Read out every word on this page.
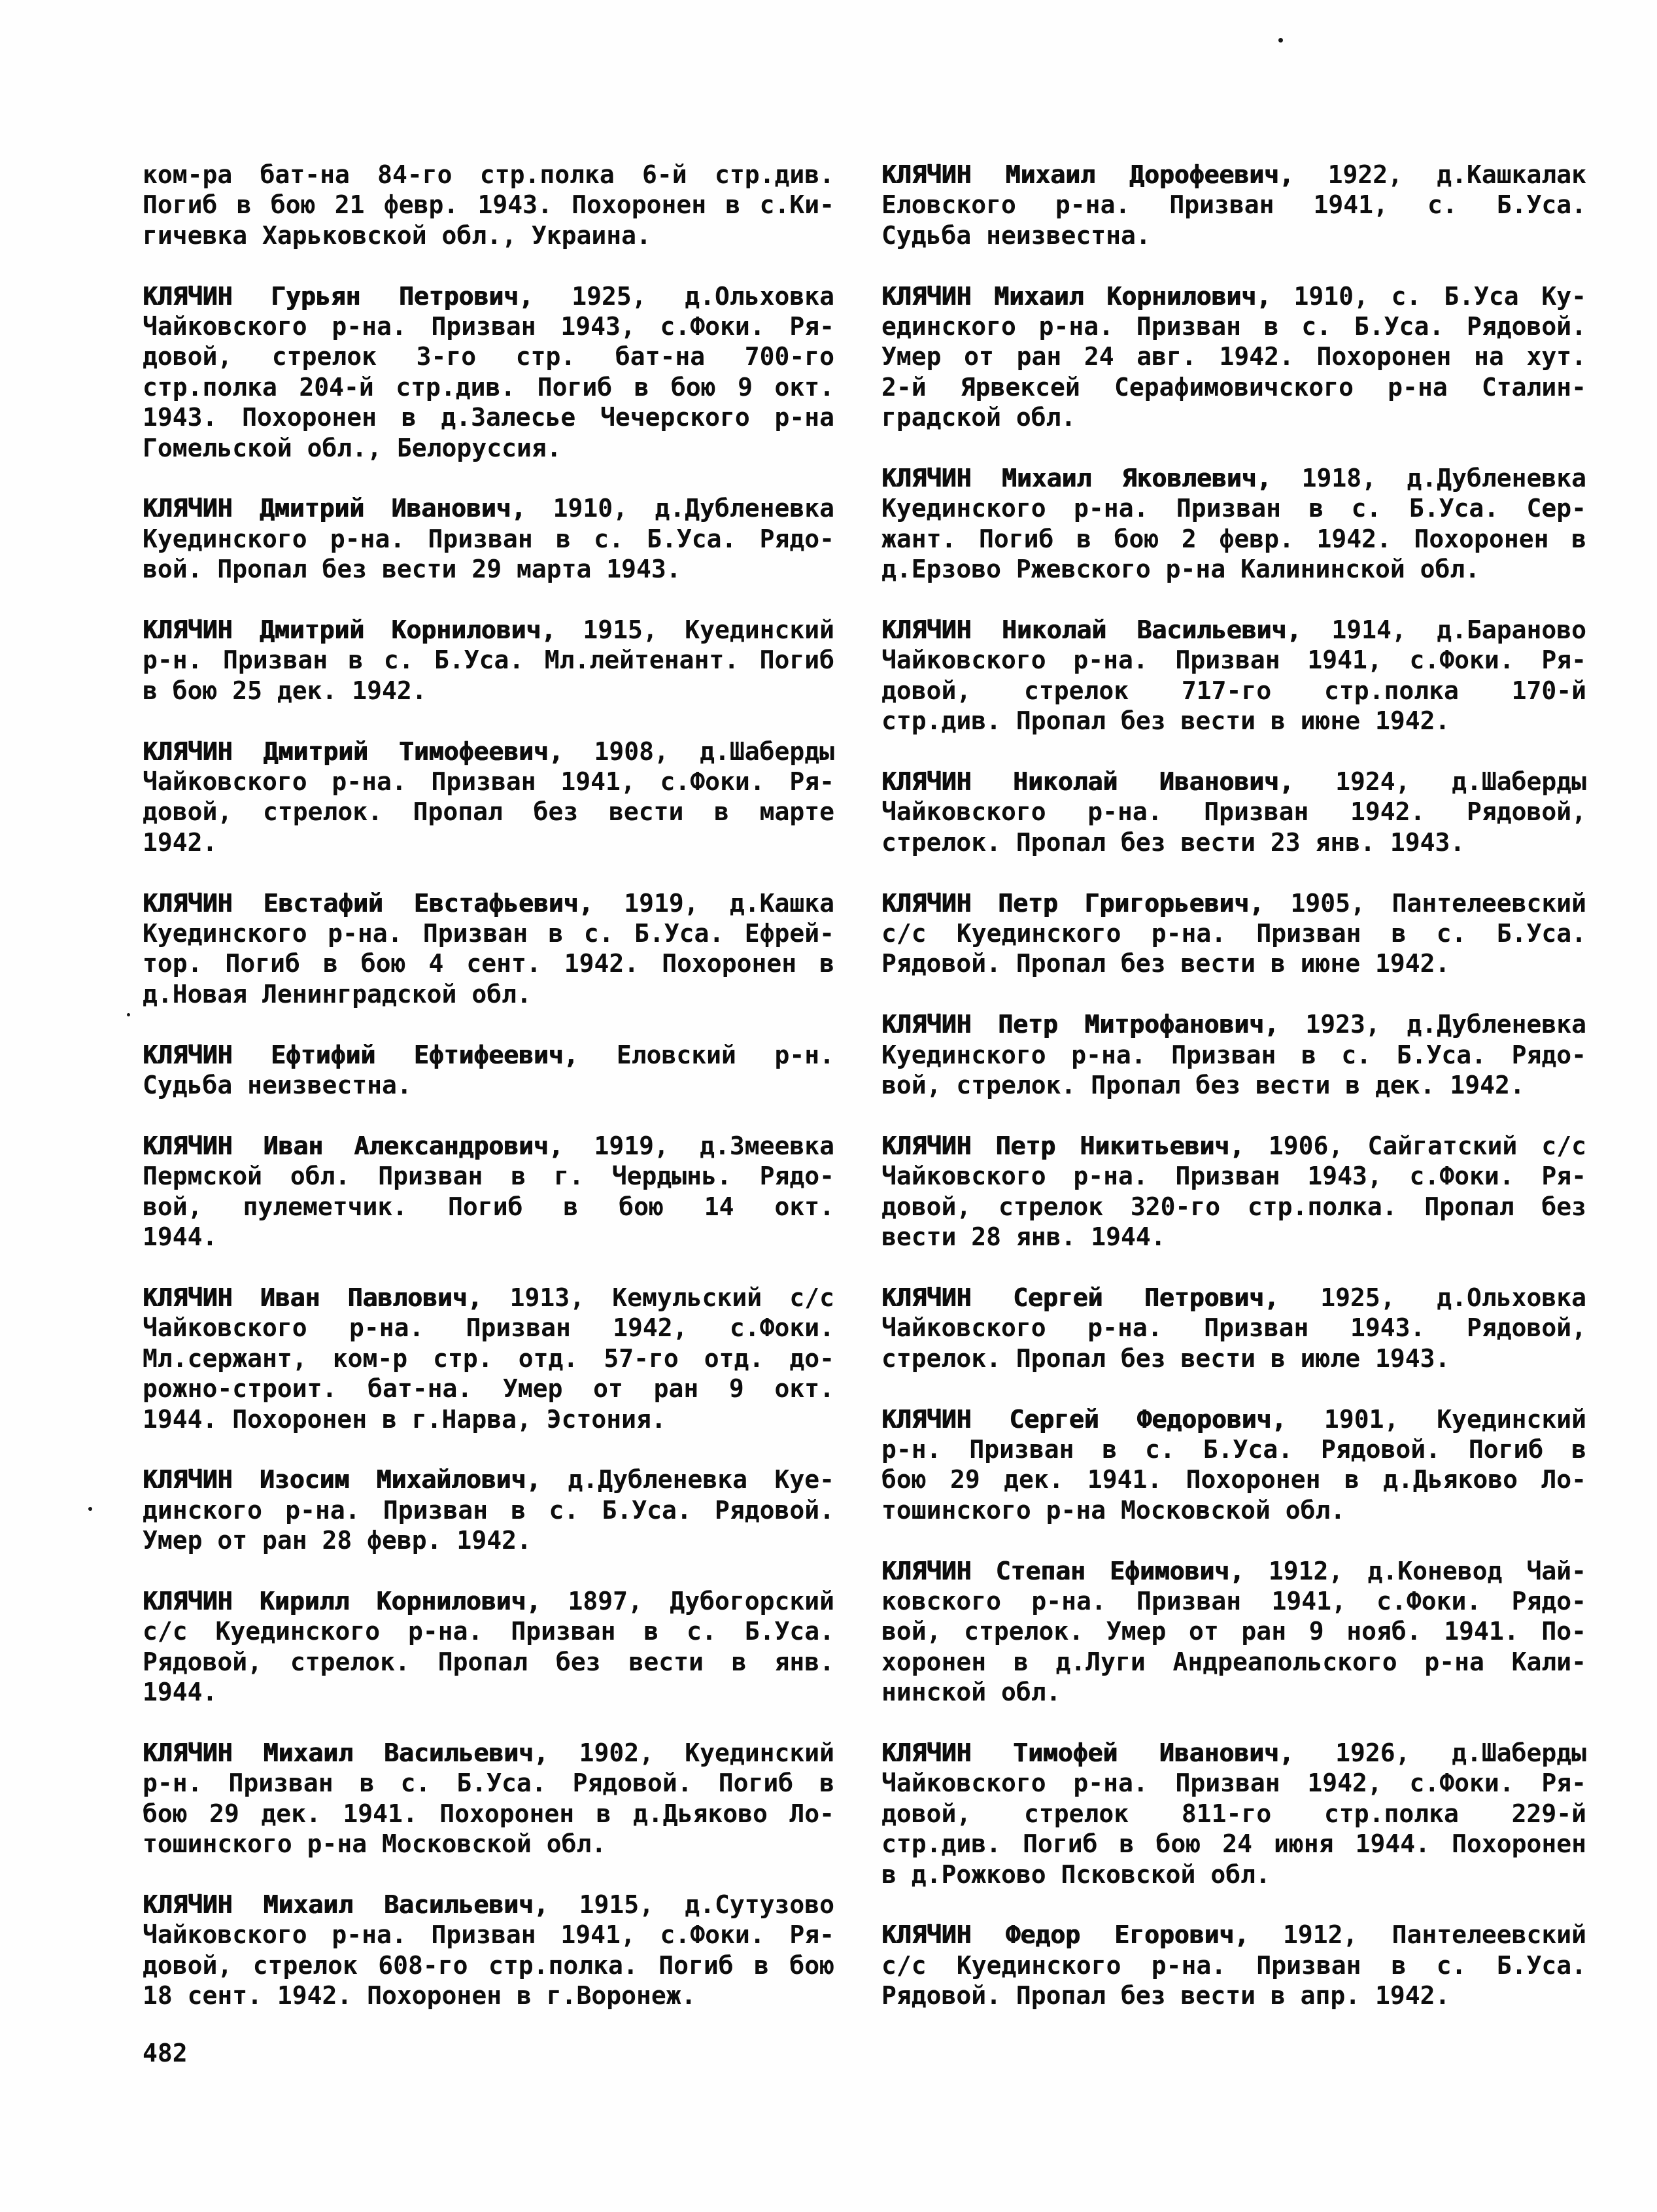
ком-ра бат-на 84-го стр.полка 6-й стр.див.
Погиб в бою 21 февр. 1943. Похоронен в с.Ки-
гичевка Харьковской обл., Украина.
КЛЯЧИН Гурьян Петрович, 1925, д.Ольховка
Чайковского р-на. Призван 1943, с.Фоки. Ря-
довой, стрелок 3-го стр. бат-на 700-го
стр.полка 204-й стр.див. Погиб в бою 9 окт.
1943. Похоронен в д.Залесье Чечерского р-на
Гомельской обл., Белоруссия.
КЛЯЧИН Дмитрий Иванович, 1910, д.Дубленевка
Куединского р-на. Призван в с. Б.Уса. Рядо-
вой. Пропал без вести 29 марта 1943.
КЛЯЧИН Дмитрий Корнилович, 1915, Куединский
р-н. Призван в с. Б.Уса. Мл.лейтенант. Погиб
в бою 25 дек. 1942.
КЛЯЧИН Дмитрий Тимофеевич, 1908, д.Шаберды
Чайковского р-на. Призван 1941, с.Фоки. Ря-
довой, стрелок. Пропал без вести в марте
1942.
КЛЯЧИН Евстафий Евстафьевич, 1919, д.Кашка
Куединского р-на. Призван в с. Б.Уса. Ефрей-
тор. Погиб в бою 4 сент. 1942. Похоронен в
д.Новая Ленинградской обл.
КЛЯЧИН Ефтифий Ефтифеевич, Еловский р-н.
Судьба неизвестна.
КЛЯЧИН Иван Александрович, 1919, д.Змеевка
Пермской обл. Призван в г. Чердынь. Рядо-
вой, пулеметчик. Погиб в бою 14 окт.
1944.
КЛЯЧИН Иван Павлович, 1913, Кемульский с/с
Чайковского р-на. Призван 1942, с.Фоки.
Мл.сержант, ком-р стр. отд. 57-го отд. до-
рожно-строит. бат-на. Умер от ран 9 окт.
1944. Похоронен в г.Нарва, Эстония.
КЛЯЧИН Изосим Михайлович, д.Дубленевка Куе-
динского р-на. Призван в с. Б.Уса. Рядовой.
Умер от ран 28 февр. 1942.
КЛЯЧИН Кирилл Корнилович, 1897, Дубогорский
с/с Куединского р-на. Призван в с. Б.Уса.
Рядовой, стрелок. Пропал без вести в янв.
1944.
КЛЯЧИН Михаил Васильевич, 1902, Куединский
р-н. Призван в с. Б.Уса. Рядовой. Погиб в
бою 29 дек. 1941. Похоронен в д.Дьяково Ло-
тошинского р-на Московской обл.
КЛЯЧИН Михаил Васильевич, 1915, д.Сутузово
Чайковского р-на. Призван 1941, с.Фоки. Ря-
довой, стрелок 608-го стр.полка. Погиб в бою
18 сент. 1942. Похоронен в г.Воронеж.
КЛЯЧИН Михаил Дорофеевич, 1922, д.Кашкалак
Еловского р-на. Призван 1941, с. Б.Уса.
Судьба неизвестна.
КЛЯЧИН Михаил Корнилович, 1910, с. Б.Уса Ку-
единского р-на. Призван в с. Б.Уса. Рядовой.
Умер от ран 24 авг. 1942. Похоронен на хут.
2-й Ярвексей Серафимовичского р-на Сталин-
градской обл.
КЛЯЧИН Михаил Яковлевич, 1918, д.Дубленевка
Куединского р-на. Призван в с. Б.Уса. Сер-
жант. Погиб в бою 2 февр. 1942. Похоронен в
д.Ерзово Ржевского р-на Калининской обл.
КЛЯЧИН Николай Васильевич, 1914, д.Бараново
Чайковского р-на. Призван 1941, с.Фоки. Ря-
довой, стрелок 717-го стр.полка 170-й
стр.див. Пропал без вести в июне 1942.
КЛЯЧИН Николай Иванович, 1924, д.Шаберды
Чайковского р-на. Призван 1942. Рядовой,
стрелок. Пропал без вести 23 янв. 1943.
КЛЯЧИН Петр Григорьевич, 1905, Пантелеевский
с/с Куединского р-на. Призван в с. Б.Уса.
Рядовой. Пропал без вести в июне 1942.
КЛЯЧИН Петр Митрофанович, 1923, д.Дубленевка
Куединского р-на. Призван в с. Б.Уса. Рядо-
вой, стрелок. Пропал без вести в дек. 1942.
КЛЯЧИН Петр Никитьевич, 1906, Сайгатский с/с
Чайковского р-на. Призван 1943, с.Фоки. Ря-
довой, стрелок 320-го стр.полка. Пропал без
вести 28 янв. 1944.
КЛЯЧИН Сергей Петрович, 1925, д.Ольховка
Чайковского р-на. Призван 1943. Рядовой,
стрелок. Пропал без вести в июле 1943.
КЛЯЧИН Сергей Федорович, 1901, Куединский
р-н. Призван в с. Б.Уса. Рядовой. Погиб в
бою 29 дек. 1941. Похоронен в д.Дьяково Ло-
тошинского р-на Московской обл.
КЛЯЧИН Степан Ефимович, 1912, д.Коневод Чай-
ковского р-на. Призван 1941, с.Фоки. Рядо-
вой, стрелок. Умер от ран 9 нояб. 1941. По-
хоронен в д.Луги Андреапольского р-на Кали-
нинской обл.
КЛЯЧИН Тимофей Иванович, 1926, д.Шаберды
Чайковского р-на. Призван 1942, с.Фоки. Ря-
довой, стрелок 811-го стр.полка 229-й
стр.див. Погиб в бою 24 июня 1944. Похоронен
в д.Рожково Псковской обл.
КЛЯЧИН Федор Егорович, 1912, Пантелеевский
с/с Куединского р-на. Призван в с. Б.Уса.
Рядовой. Пропал без вести в апр. 1942.
482
